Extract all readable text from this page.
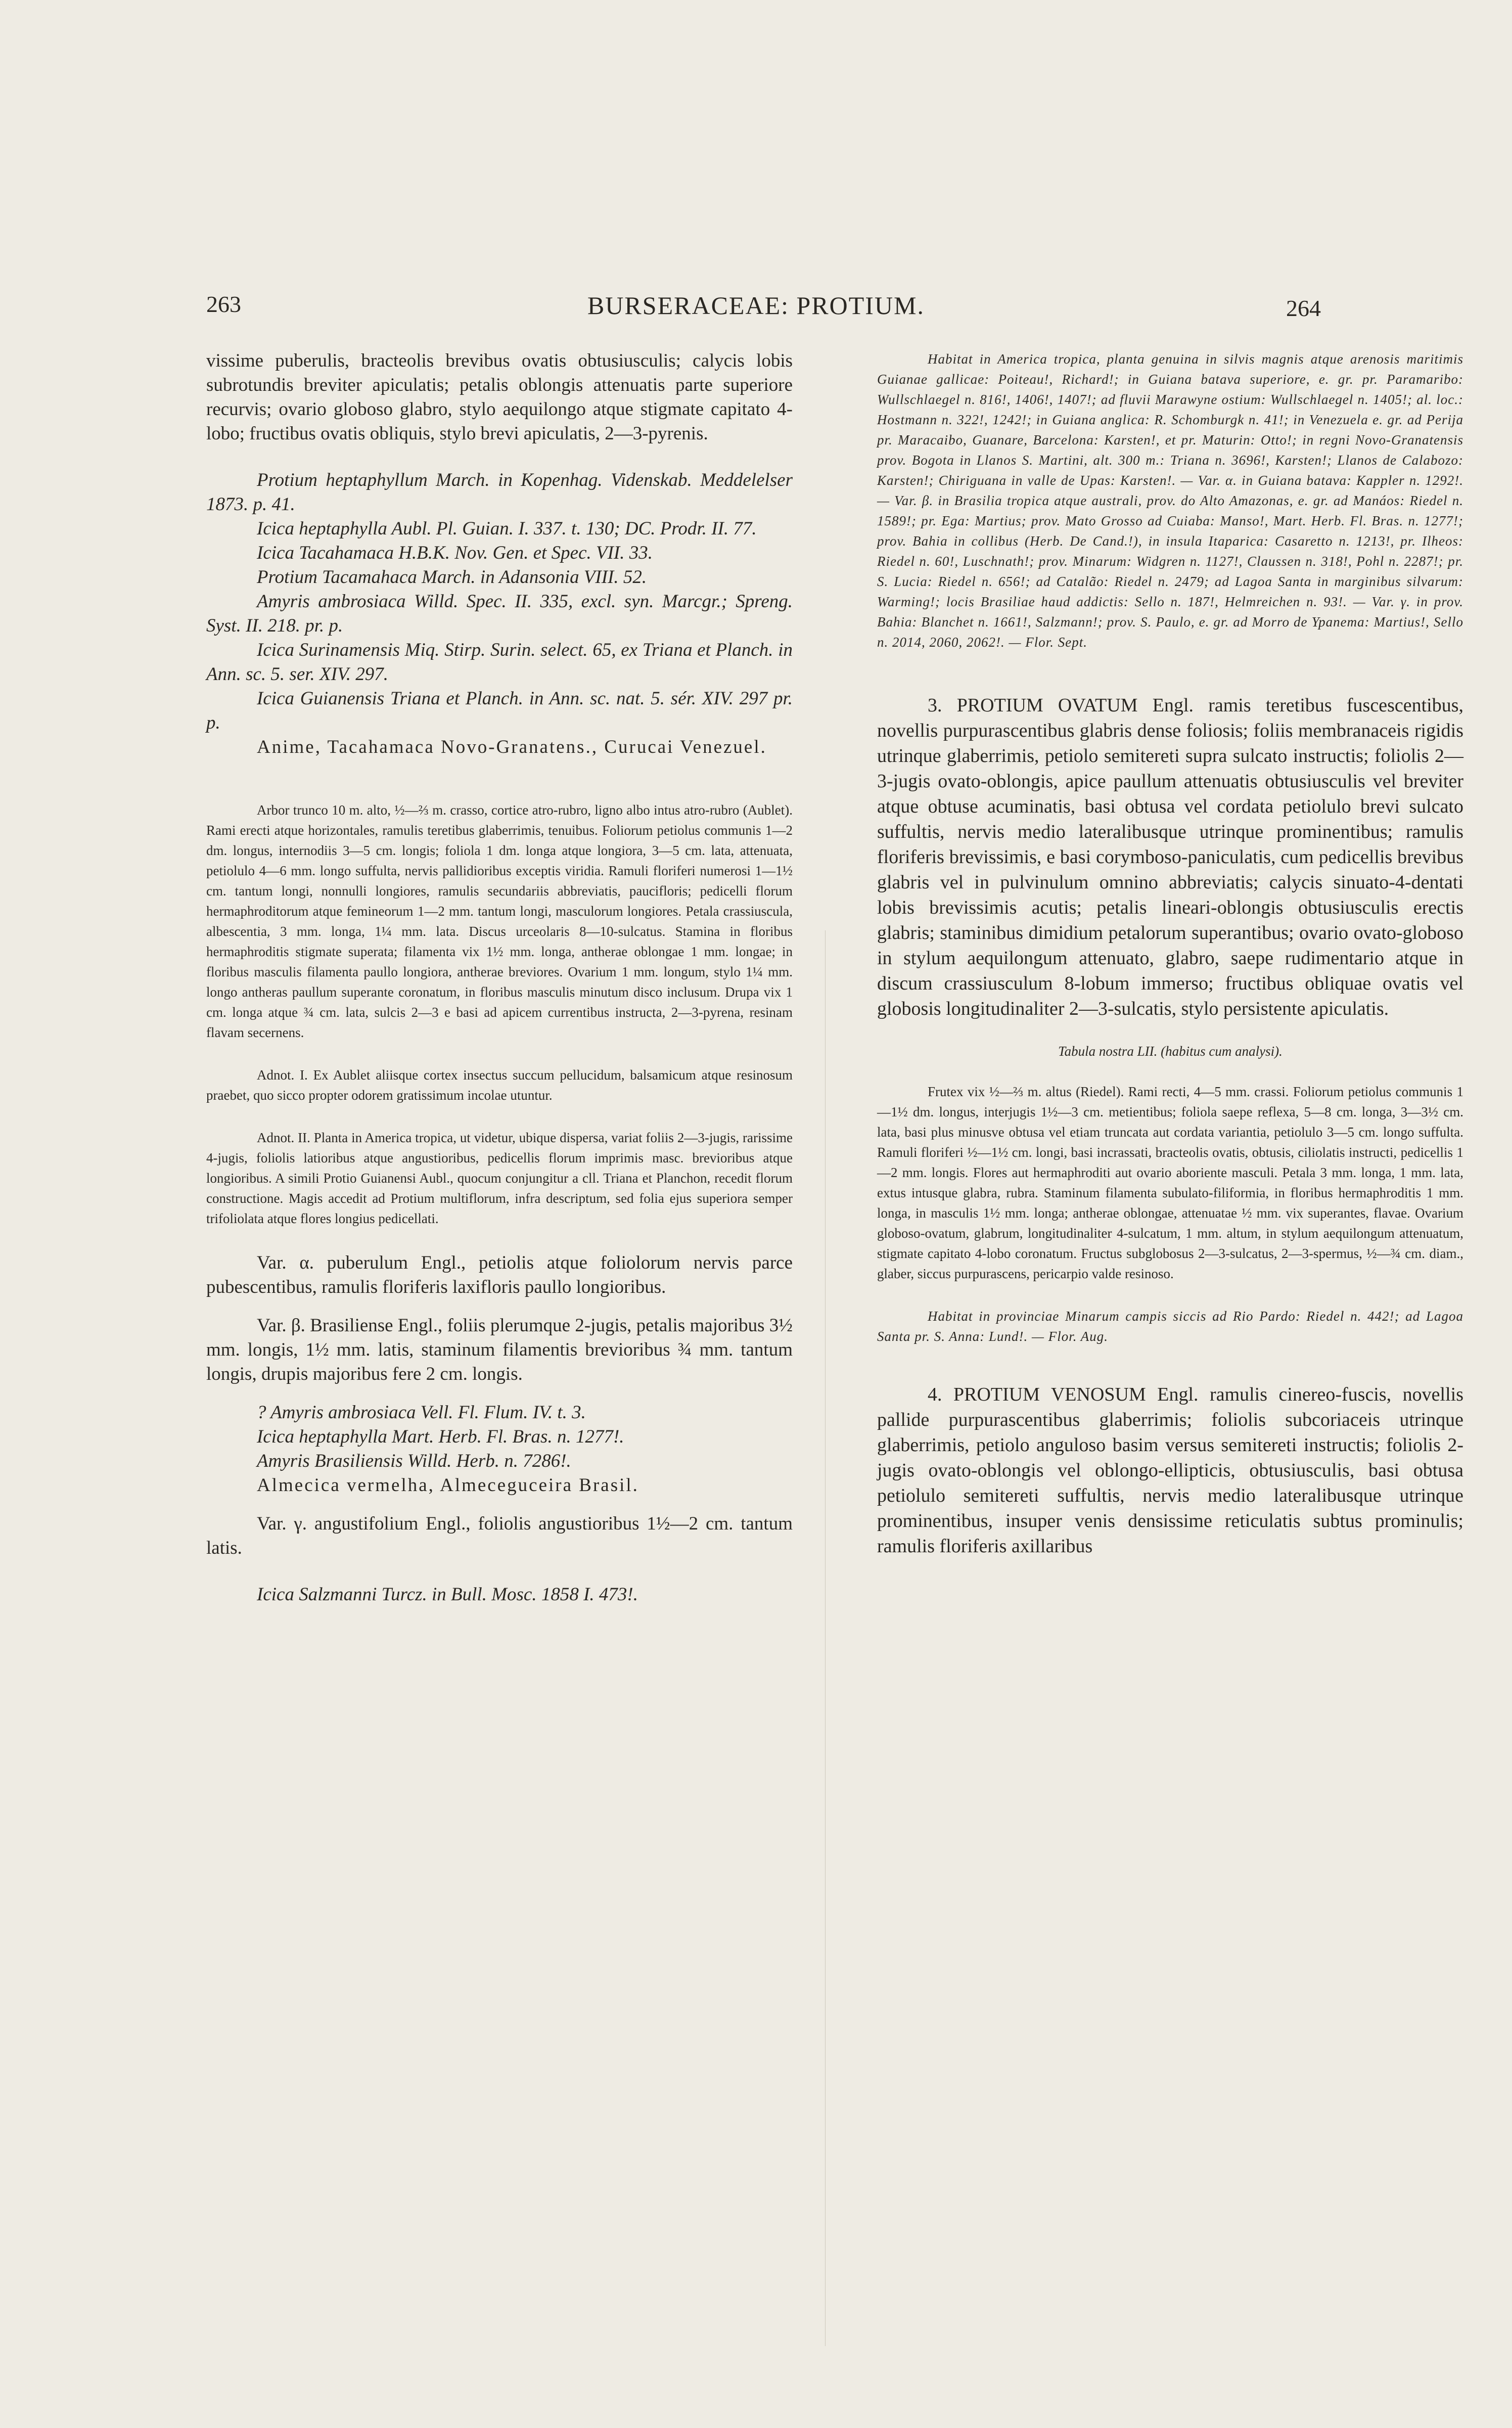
263	BURSERACEAE: PROTIUM.	264

vissime puberulis, bracteolis brevibus ovatis obtusiusculis; calycis lobis subrotundis breviter apiculatis; petalis oblongis attenuatis parte superiore recurvis; ovario globoso glabro, stylo aequilongo atque stigmate capitato 4-lobo; fructibus ovatis obliquis, stylo brevi apiculatis, 2—3-pyrenis.

Protium heptaphyllum March. in Kopenhag. Videnskab. Meddelelser 1873. p. 41.

Icica heptaphylla Aubl. Pl. Guian. I. 337. t. 130; DC. Prodr. II. 77.

Icica Tacahamaca H.B.K. Nov. Gen. et Spec. VII. 33.

Protium Tacamahaca March. in Adansonia VIII. 52.

Amyris ambrosiaca Willd. Spec. II. 335, excl. syn. Marcgr.; Spreng. Syst. II. 218. pr. p.

Icica Surinamensis Miq. Stirp. Surin. select. 65, ex Triana et Planch. in Ann. sc. 5. ser. XIV. 297.

Icica Guianensis Triana et Planch. in Ann. sc. nat. 5. sér. XIV. 297 pr. p.

Anime, Tacahamaca Novo-Granatens., Curucai Venezuel.

Arbor trunco 10 m. alto, ½—⅔ m. crasso, cortice atro-rubro, ligno albo intus atro-rubro (Aublet). Rami erecti atque horizontales, ramulis teretibus glaberrimis, tenuibus. Foliorum petiolus communis 1—2 dm. longus, internodiis 3—5 cm. longis; foliola 1 dm. longa atque longiora, 3—5 cm. lata, attenuata, petiolulo 4—6 mm. longo suffulta, nervis pallidioribus exceptis viridia. Ramuli floriferi numerosi 1—1½ cm. tantum longi, nonnulli longiores, ramulis secundariis abbreviatis, paucifloris; pedicelli florum hermaphroditorum atque femineorum 1—2 mm. tantum longi, masculorum longiores. Petala crassiuscula, albescentia, 3 mm. longa, 1¼ mm. lata. Discus urceolaris 8—10-sulcatus. Stamina in floribus hermaphroditis stigmate superata; filamenta vix 1½ mm. longa, antherae oblongae 1 mm. longae; in floribus masculis filamenta paullo longiora, antherae breviores. Ovarium 1 mm. longum, stylo 1¼ mm. longo antheras paullum superante coronatum, in floribus masculis minutum disco inclusum. Drupa vix 1 cm. longa atque ¾ cm. lata, sulcis 2—3 e basi ad apicem currentibus instructa, 2—3-pyrena, resinam flavam secernens.

Adnot. I. Ex Aublet aliisque cortex insectus succum pellucidum, balsamicum atque resinosum praebet, quo sicco propter odorem gratissimum incolae utuntur.

Adnot. II. Planta in America tropica, ut videtur, ubique dispersa, variat foliis 2—3-jugis, rarissime 4-jugis, foliolis latioribus atque angustioribus, pedicellis florum imprimis masc. brevioribus atque longioribus. A simili Protio Guianensi Aubl., quocum conjungitur a cll. Triana et Planchon, recedit florum constructione. Magis accedit ad Protium multiflorum, infra descriptum, sed folia ejus superiora semper trifoliolata atque flores longius pedicellati.

Var. α. puberulum Engl., petiolis atque foliolorum nervis parce pubescentibus, ramulis floriferis laxifloris paullo longioribus.

Var. β. Brasiliense Engl., foliis plerumque 2-jugis, petalis majoribus 3½ mm. longis, 1½ mm. latis, staminum filamentis brevioribus ¾ mm. tantum longis, drupis majoribus fere 2 cm. longis.

? Amyris ambrosiaca Vell. Fl. Flum. IV. t. 3.

Icica heptaphylla Mart. Herb. Fl. Bras. n. 1277!.

Amyris Brasiliensis Willd. Herb. n. 7286!.

Almecica vermelha, Almeceguceira Brasil.

Var. γ. angustifolium Engl., foliolis angustioribus 1½—2 cm. tantum latis.

Icica Salzmanni Turcz. in Bull. Mosc. 1858 I. 473!.

Habitat in America tropica, planta genuina in silvis magnis atque arenosis maritimis Guianae gallicae: Poiteau!, Richard!; in Guiana batava superiore, e. gr. pr. Paramaribo: Wullschlaegel n. 816!, 1406!, 1407!; ad fluvii Marawyne ostium: Wullschlaegel n. 1405!; al. loc.: Hostmann n. 322!, 1242!; in Guiana anglica: R. Schomburgk n. 41!; in Venezuela e. gr. ad Perija pr. Maracaibo, Guanare, Barcelona: Karsten!, et pr. Maturin: Otto!; in regni Novo-Granatensis prov. Bogota in Llanos S. Martini, alt. 300 m.: Triana n. 3696!, Karsten!; Llanos de Calabozo: Karsten!; Chiriguana in valle de Upas: Karsten!. — Var. α. in Guiana batava: Kappler n. 1292!. — Var. β. in Brasilia tropica atque australi, prov. do Alto Amazonas, e. gr. ad Manáos: Riedel n. 1589!; pr. Ega: Martius; prov. Mato Grosso ad Cuiaba: Manso!, Mart. Herb. Fl. Bras. n. 1277!; prov. Bahia in collibus (Herb. De Cand.!), in insula Itaparica: Casaretto n. 1213!, pr. Ilheos: Riedel n. 60!, Luschnath!; prov. Minarum: Widgren n. 1127!, Claussen n. 318!, Pohl n. 2287!; pr. S. Lucia: Riedel n. 656!; ad Catalão: Riedel n. 2479; ad Lagoa Santa in marginibus silvarum: Warming!; locis Brasiliae haud addictis: Sello n. 187!, Helmreichen n. 93!. — Var. γ. in prov. Bahia: Blanchet n. 1661!, Salzmann!; prov. S. Paulo, e. gr. ad Morro de Ypanema: Martius!, Sello n. 2014, 2060, 2062!. — Flor. Sept.

3. PROTIUM OVATUM Engl. ramis teretibus fuscescentibus, novellis purpurascentibus glabris dense foliosis; foliis membranaceis rigidis utrinque glaberrimis, petiolo semitereti supra sulcato instructis; foliolis 2—3-jugis ovato-oblongis, apice paullum attenuatis obtusiusculis vel breviter atque obtuse acuminatis, basi obtusa vel cordata petiolulo brevi sulcato suffultis, nervis medio lateralibusque utrinque prominentibus; ramulis floriferis brevissimis, e basi corymboso-paniculatis, cum pedicellis brevibus glabris vel in pulvinulum omnino abbreviatis; calycis sinuato-4-dentati lobis brevissimis acutis; petalis lineari-oblongis obtusiusculis erectis glabris; staminibus dimidium petalorum superantibus; ovario ovato-globoso in stylum aequilongum attenuato, glabro, saepe rudimentario atque in discum crassiusculum 8-lobum immerso; fructibus obliquae ovatis vel globosis longitudinaliter 2—3-sulcatis, stylo persistente apiculatis.

Tabula nostra LII. (habitus cum analysi).

Frutex vix ½—⅔ m. altus (Riedel). Rami recti, 4—5 mm. crassi. Foliorum petiolus communis 1—1½ dm. longus, interjugis 1½—3 cm. metientibus; foliola saepe reflexa, 5—8 cm. longa, 3—3½ cm. lata, basi plus minusve obtusa vel etiam truncata aut cordata variantia, petiolulo 3—5 cm. longo suffulta. Ramuli floriferi ½—1½ cm. longi, basi incrassati, bracteolis ovatis, obtusis, ciliolatis instructi, pedicellis 1—2 mm. longis. Flores aut hermaphroditi aut ovario aboriente masculi. Petala 3 mm. longa, 1 mm. lata, extus intusque glabra, rubra. Staminum filamenta subulato-filiformia, in floribus hermaphroditis 1 mm. longa, in masculis 1½ mm. longa; antherae oblongae, attenuatae ½ mm. vix superantes, flavae. Ovarium globoso-ovatum, glabrum, longitudinaliter 4-sulcatum, 1 mm. altum, in stylum aequilongum attenuatum, stigmate capitato 4-lobo coronatum. Fructus subglobosus 2—3-sulcatus, 2—3-spermus, ½—¾ cm. diam., glaber, siccus purpurascens, pericarpio valde resinoso.

Habitat in provinciae Minarum campis siccis ad Rio Pardo: Riedel n. 442!; ad Lagoa Santa pr. S. Anna: Lund!. — Flor. Aug.

4. PROTIUM VENOSUM Engl. ramulis cinereo-fuscis, novellis pallide purpurascentibus glaberrimis; foliolis subcoriaceis utrinque glaberrimis, petiolo anguloso basim versus semitereti instructis; foliolis 2-jugis ovato-oblongis vel oblongo-ellipticis, obtusiusculis, basi obtusa petiolulo semitereti suffultis, nervis medio lateralibusque utrinque prominentibus, insuper venis densissime reticulatis subtus prominulis; ramulis floriferis axillaribus
